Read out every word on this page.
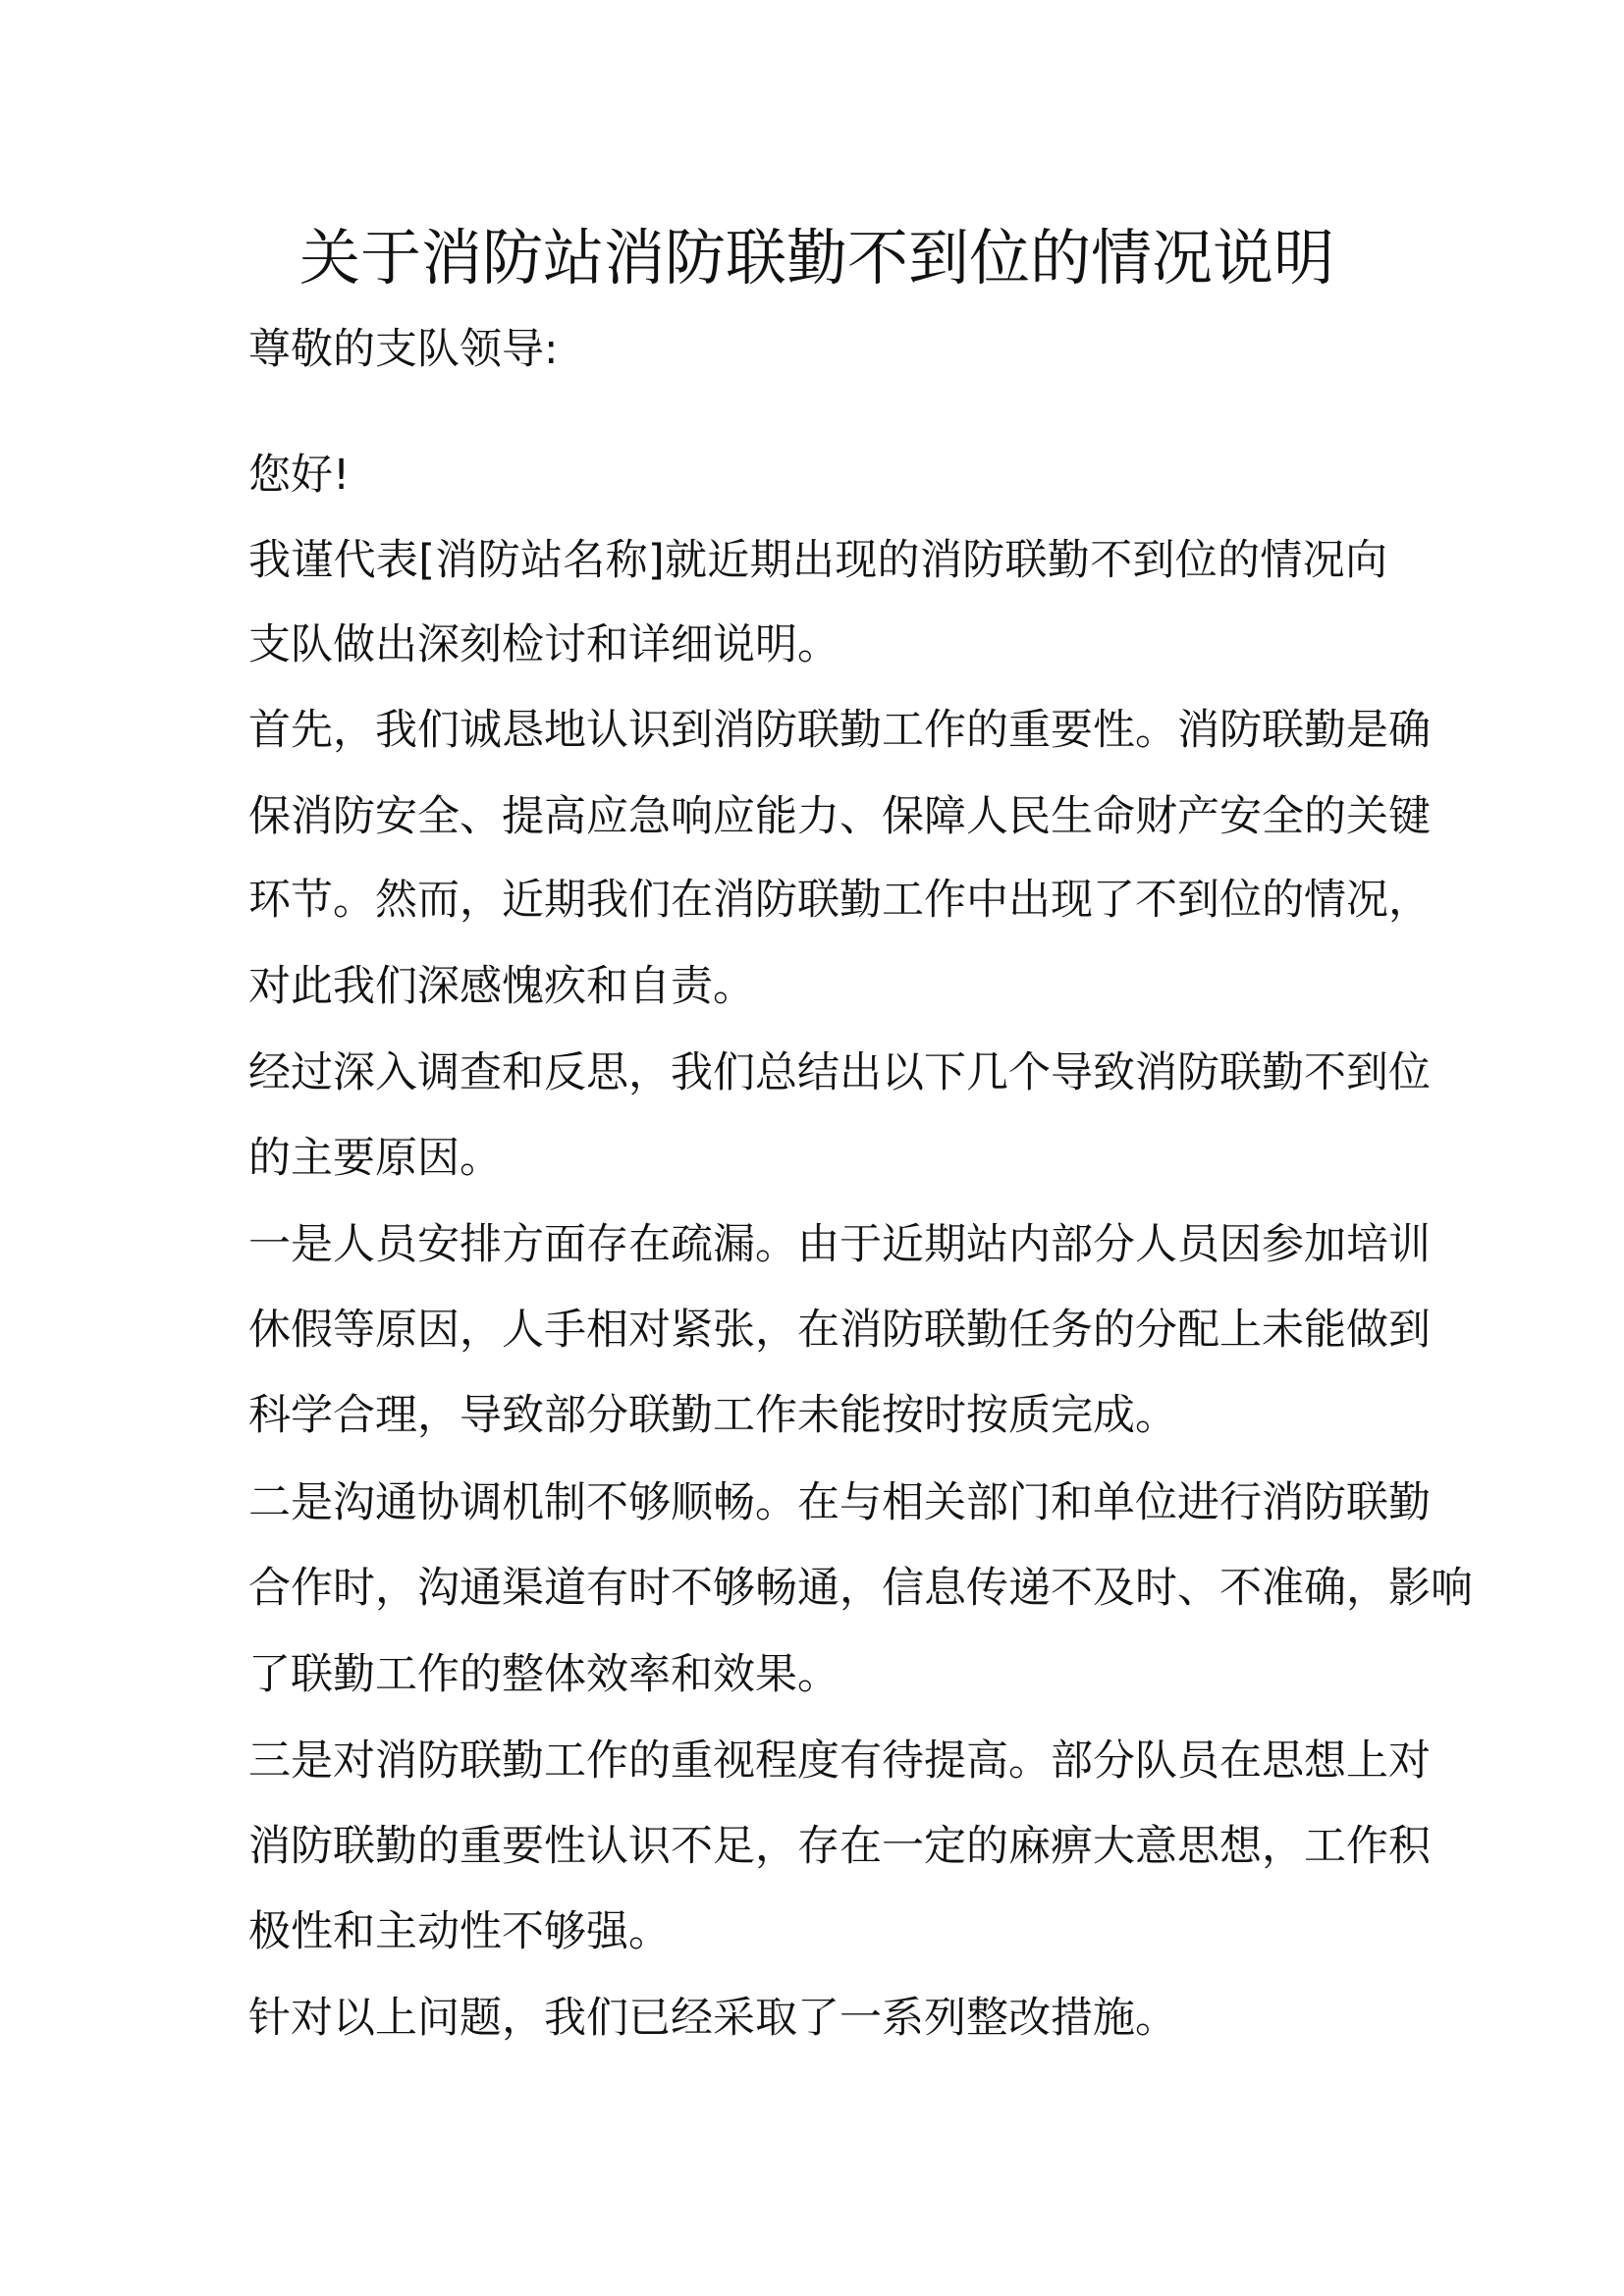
关于消防站消防联勤不到位的情况说明
尊敬的支队领导:
您好!
我谨代表[消防站名称]就近期出现的消防联勤不到位的情况向
支队做出深刻检讨和详细说明。
首先，我们诚恳地认识到消防联勤工作的重要性。消防联勤是确
保消防安全、提高应急响应能力、保障人民生命财产安全的关键
环节。然而，近期我们在消防联勤工作中出现了不到位的情况，
对此我们深感愧疚和自责。
经过深入调查和反思，我们总结出以下几个导致消防联勤不到位
的主要原因。
一是人员安排方面存在疏漏。由于近期站内部分人员因参加培训
休假等原因，人手相对紧张，在消防联勤任务的分配上未能做到
科学合理，导致部分联勤工作未能按时按质完成。
二是沟通协调机制不够顺畅。在与相关部门和单位进行消防联勤
合作时，沟通渠道有时不够畅通，信息传递不及时、不准确，影响
了联勤工作的整体效率和效果。
三是对消防联勤工作的重视程度有待提高。部分队员在思想上对
消防联勤的重要性认识不足，存在一定的麻痹大意思想，工作积
极性和主动性不够强。
针对以上问题，我们已经采取了一系列整改措施。
